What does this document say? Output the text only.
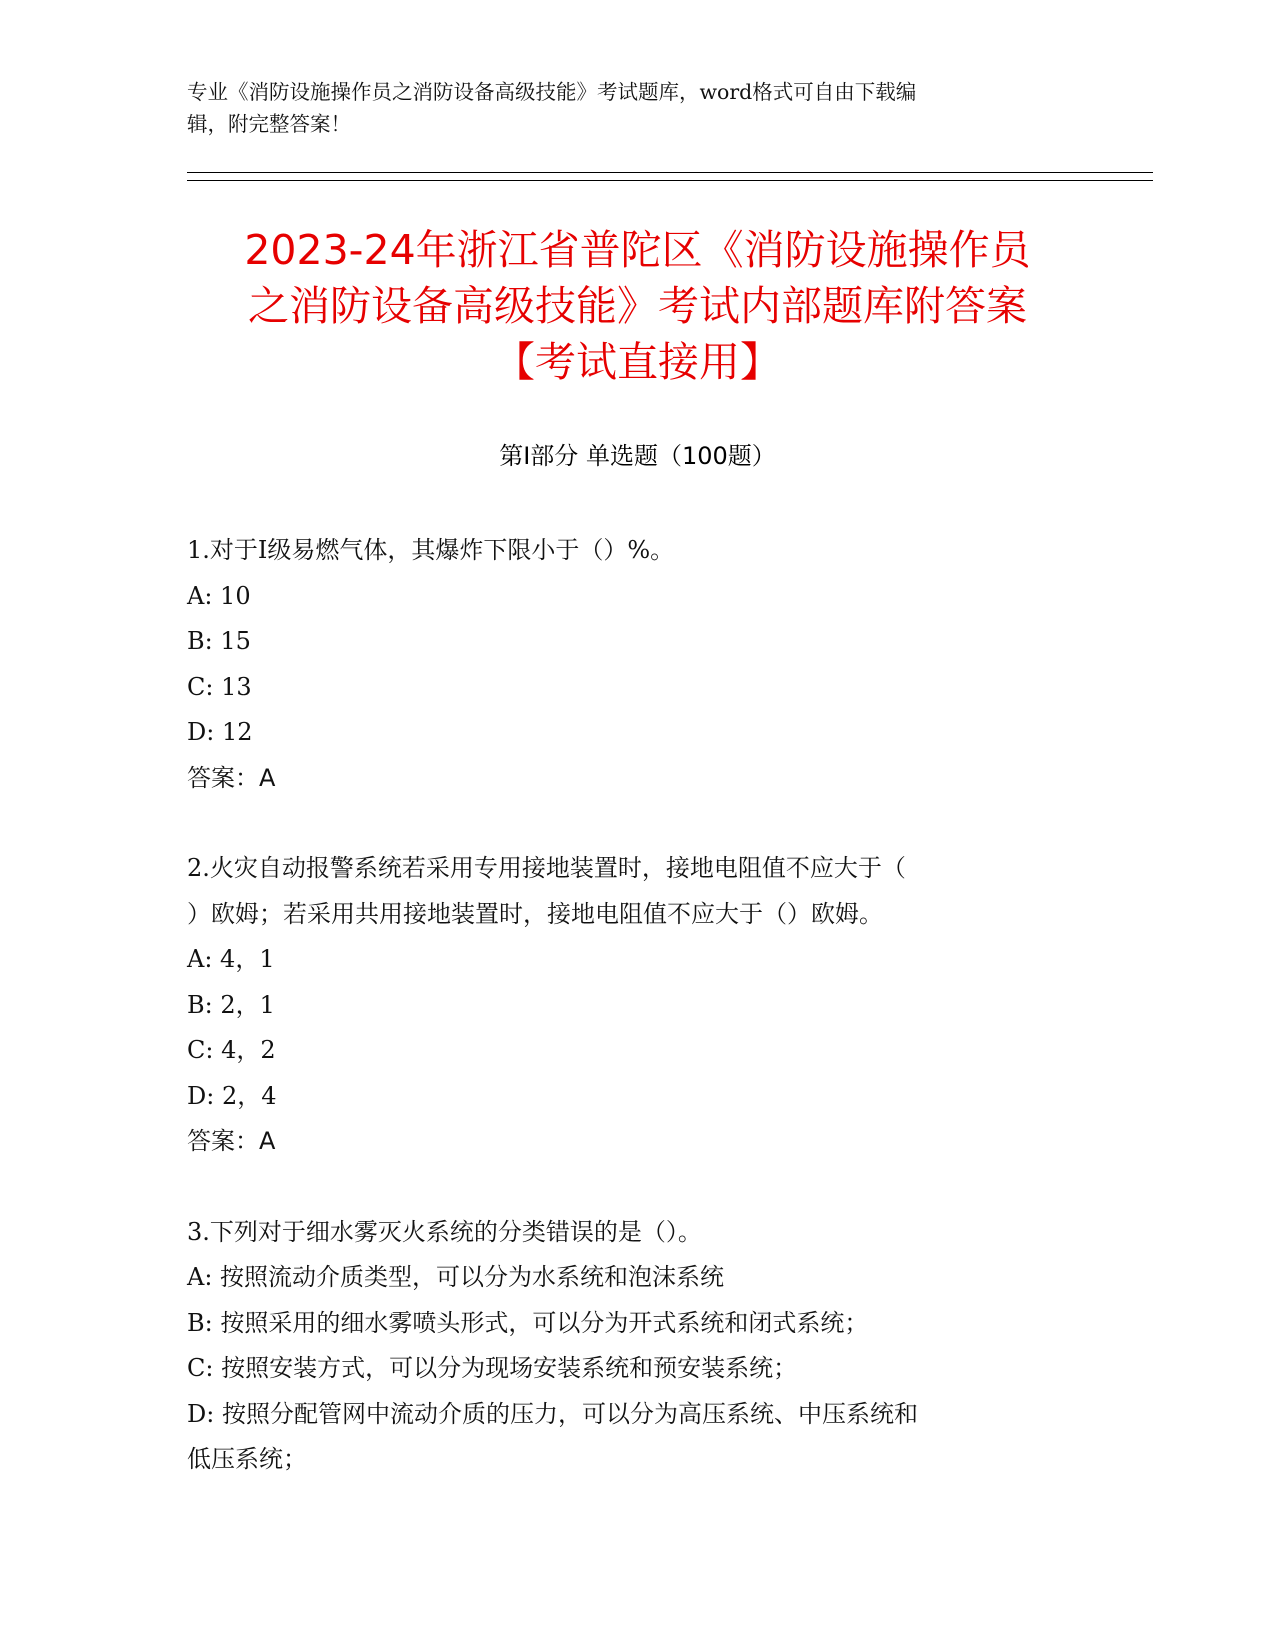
专业《消防设施操作员之消防设备高级技能》考试题库，word格式可自由下载编
辑，附完整答案！
2023-24年浙江省普陀区《消防设施操作员
之消防设备高级技能》考试内部题库附答案
【考试直接用】
第Ⅰ部分 单选题（100题）
1.对于Ⅰ级易燃气体，其爆炸下限小于（）%。
A: 10
B: 15
C: 13
D: 12
答案：A
2.火灾自动报警系统若采用专用接地装置时，接地电阻值不应大于（
）欧姆；若采用共用接地装置时，接地电阻值不应大于（）欧姆。
A: 4，1
B: 2，1
C: 4，2
D: 2，4
答案：A
3.下列对于细水雾灭火系统的分类错误的是（）。
A: 按照流动介质类型，可以分为水系统和泡沫系统
B: 按照采用的细水雾喷头形式，可以分为开式系统和闭式系统；
C: 按照安装方式，可以分为现场安装系统和预安装系统；
D: 按照分配管网中流动介质的压力，可以分为高压系统、中压系统和
低压系统；
